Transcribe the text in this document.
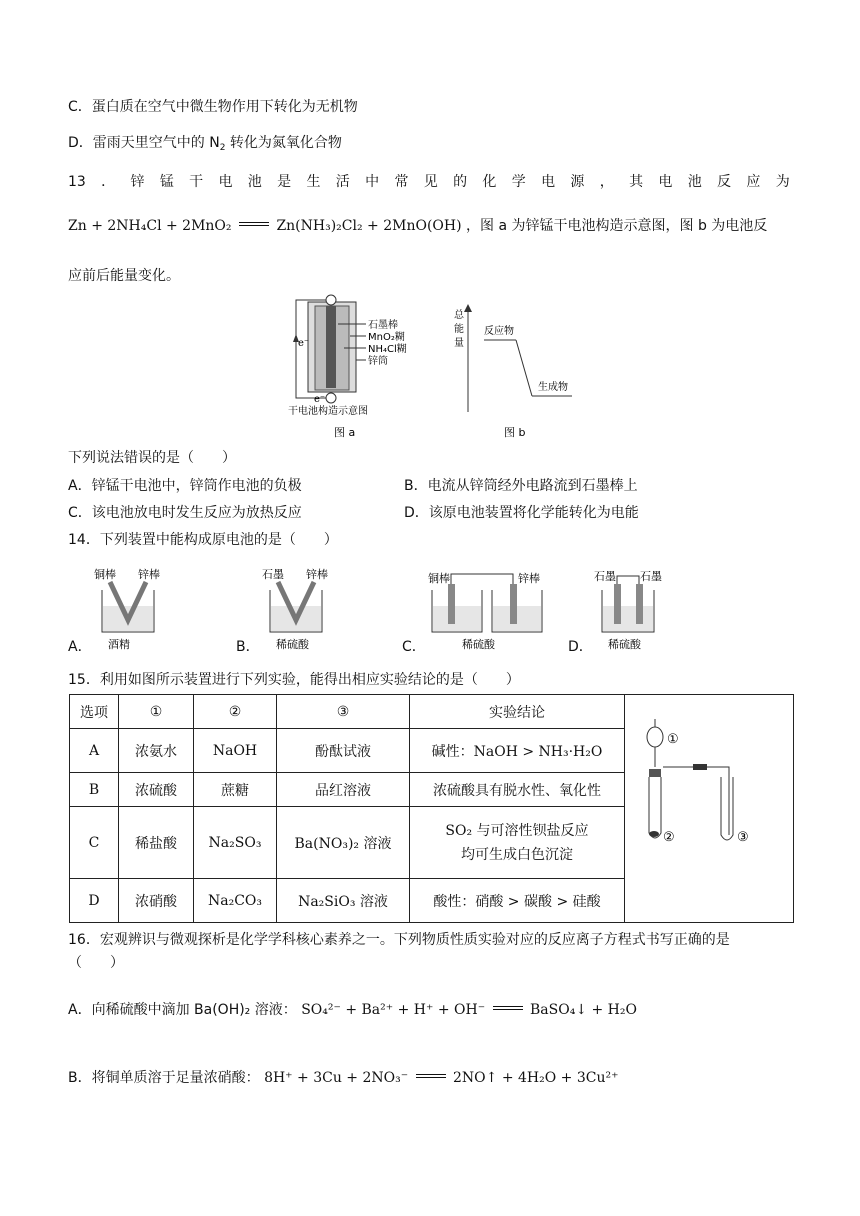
C．蛋白质在空气中微生物作用下转化为无机物
D．雷雨天里空气中的 $N_2$ 转化为氮氧化合物
13 ． 锌 锰 干 电 池 是 生 活 中 常 见 的 化 学 电 源 ， 其 电 池 反 应 为
Zn + 2NH₄Cl + 2MnO₂	Zn(NH₃)₂Cl₂ + 2MnO(OH) ，图 a 为锌锰干电池构造示意图，图 b 为电池反
应前后能量变化。
e⁻
e⁻
石墨棒
MnO₂糊
NH₄Cl糊
锌筒
干电池构造示意图
图 a
总
能
量
反应物
生成物
图 b
下列说法错误的是（　　）
A．锌锰干电池中，锌筒作电池的负极	B．电流从锌筒经外电路流到石墨棒上
C．该电池放电时发生反应为放热反应	D．该原电池装置将化学能转化为电能
14．下列装置中能构成原电池的是（　　）
A．
铜棒 锌棒
酒精	B．
石墨 锌棒
稀硫酸	C．
铜棒	锌棒
稀硫酸	D．
石墨 石墨
稀硫酸
15．利用如图所示装置进行下列实验，能得出相应实验结论的是（　　）
选项	①	②	③	实验结论	①
② ③

A	浓氨水	NaOH	酚酞试液	碱性：NaOH > NH₃·H₂O	
B	浓硫酸	蔗糖	品红溶液	浓硫酸具有脱水性、氧化性	
C	稀盐酸	Na₂SO₃	Ba(NO₃)₂ 溶液	SO₂ 与可溶性钡盐反应
均可生成白色沉淀	

D	浓硝酸	Na₂CO₃	Na₂SiO₃ 溶液	酸性：硝酸 > 碳酸 > 硅酸	
16．宏观辨识与微观探析是化学学科核心素养之一。下列物质性质实验对应的反应离子方程式书写正确的是
（　　）
A．向稀硫酸中滴加 Ba(OH)₂ 溶液： SO₄²⁻ + Ba²⁺ + H⁺ + OH⁻	BaSO₄↓ + H₂O
B．将铜单质溶于足量浓硝酸： 8H⁺ + 3Cu + 2NO₃⁻	2NO↑ + 4H₂O + 3Cu²⁺
